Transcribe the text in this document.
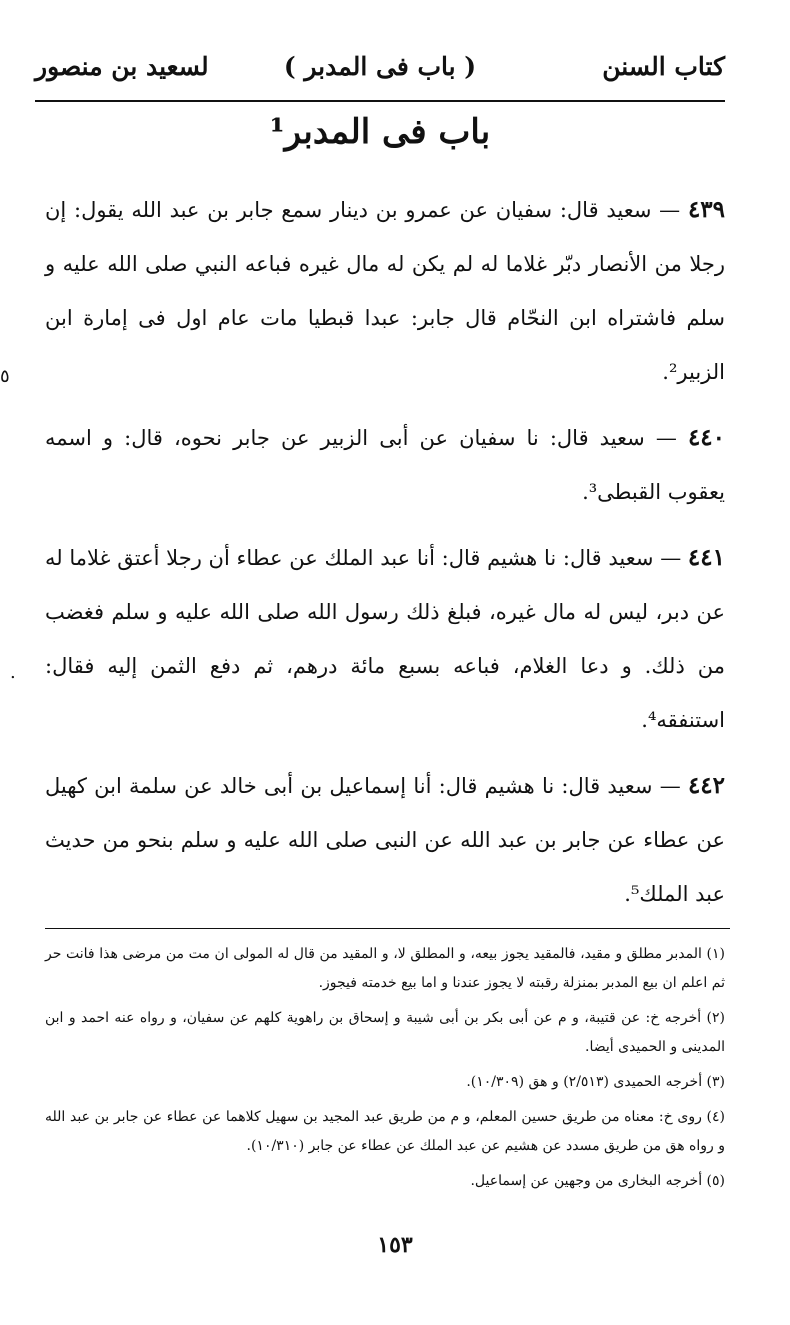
كتاب السنن
( باب فى المدبر )
لسعيد بن منصور
باب فى المدبر¹

٤٣٩ — سعيد قال: سفيان عن عمرو بن دينار سمع جابر بن عبد الله يقول: إن رجلا من الأنصار دبّر غلاما له لم يكن له مال غيره فباعه النبي صلى الله عليه و سلم فاشتراه ابن النحّام قال جابر: عبدا قبطيا مات عام اول فى إمارة ابن الزبير².

٤٤٠ — سعيد قال: نا سفيان عن أبى الزبير عن جابر نحوه، قال: و اسمه يعقوب القبطى³.

٤٤١ — سعيد قال: نا هشيم قال: أنا عبد الملك عن عطاء أن رجلا أعتق غلاما له عن دبر، ليس له مال غيره، فبلغ ذلك رسول الله صلى الله عليه و سلم فغضب من ذلك. و دعا الغلام، فباعه بسبع مائة درهم، ثم دفع الثمن إليه فقال: استنفقه⁴.

٤٤٢ — سعيد قال: نا هشيم قال: أنا إسماعيل بن أبى خالد عن سلمة ابن كهيل عن عطاء عن جابر بن عبد الله عن النبى صلى الله عليه و سلم بنحو من حديث عبد الملك⁵.

٥
.

(١) المدبر مطلق و مقيد، فالمقيد يجوز بيعه، و المطلق لا، و المقيد من قال له المولى ان مت من مرضى هذا فانت حر ثم اعلم ان بيع المدبر بمنزلة رقبته لا يجوز عندنا و اما بيع خدمته فيجوز.

(٢) أخرجه خ: عن قتيبة، و م عن أبى بكر بن أبى شيبة و إسحاق بن راهوية كلهم عن سفيان، و رواه عنه احمد و ابن المدينى و الحميدى أيضا.

(٣) أخرجه الحميدى (٢/٥١٣) و هق (١٠/٣٠٩).

(٤) روى خ: معناه من طريق حسين المعلم، و م من طريق عبد المجيد بن سهيل كلاهما عن عطاء عن جابر بن عبد الله و رواه هق من طريق مسدد عن هشيم عن عبد الملك عن عطاء عن جابر (١٠/٣١٠).

(٥) أخرجه البخارى من وجهين عن إسماعيل.

١٥٣
